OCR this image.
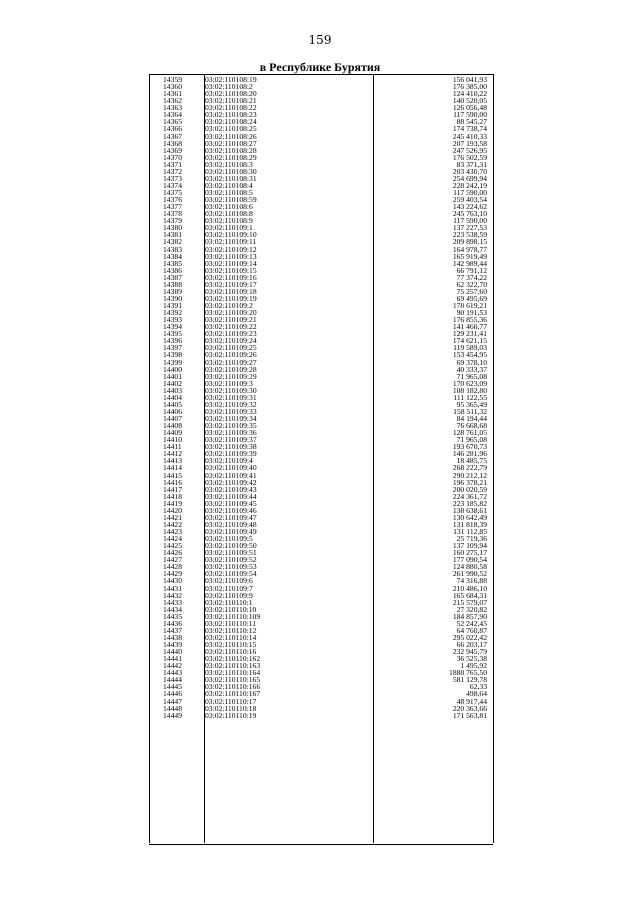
159
в Республике Бурятия
14359	03:02:110108:19	156 041,93
14360	03:02:110108:2	176 385,00
14361	03:02:110108:20	124 410,22
14362	03:02:110108:21	140 520,05
14363	03:02:110108:22	126 056,48
14364	03:02:110108:23	117 590,00
14365	03:02:110108:24	88 545,27
14366	03:02:110108:25	174 738,74
14367	03:02:110108:26	245 410,33
14368	03:02:110108:27	207 193,58
14369	03:02:110108:28	247 526,95
14370	03:02:110108:29	176 502,59
14371	03:02:110108:3	83 371,31
14372	03:02:110108:30	203 430,70
14373	03:02:110108:31	254 699,94
14374	03:02:110108:4	228 242,19
14375	03:02:110108:5	117 590,00
14376	03:02:110108:59	259 403,54
14377	03:02:110108:6	143 224,62
14378	03:02:110108:8	245 763,10
14379	03:02:110108:9	117 590,00
14380	03:02:110109:1	137 227,53
14381	03:02:110109:10	223 538,59
14382	03:02:110109:11	209 898,15
14383	03:02:110109:12	164 978,77
14384	03:02:110109:13	165 919,49
14385	03:02:110109:14	142 989,44
14386	03:02:110109:15	66 791,12
14387	03:02:110109:16	77 374,22
14388	03:02:110109:17	62 322,70
14389	03:02:110109:18	75 257,60
14390	03:02:110109:19	69 495,69
14391	03:02:110109:2	178 619,21
14392	03:02:110109:20	90 191,53
14393	03:02:110109:21	176 855,36
14394	03:02:110109:22	141 460,77
14395	03:02:110109:23	129 231,41
14396	03:02:110109:24	174 621,15
14397	03:02:110109:25	119 589,03
14398	03:02:110109:26	153 454,95
14399	03:02:110109:27	69 378,10
14400	03:02:110109:28	40 333,37
14401	03:02:110109:29	71 965,08
14402	03:02:110109:3	170 623,09
14403	03:02:110109:30	108 182,80
14404	03:02:110109:31	111 122,55
14405	03:02:110109:32	95 365,49
14406	03:02:110109:33	158 511,32
14407	03:02:110109:34	84 194,44
14408	03:02:110109:35	76 668,68
14409	03:02:110109:36	128 761,05
14410	03:02:110109:37	71 965,08
14411	03:02:110109:38	193 670,73
14412	03:02:110109:39	146 281,96
14413	03:02:110109:4	18 485,75
14414	03:02:110109:40	268 222,79
14415	03:02:110109:41	290 212,12
14416	03:02:110109:42	196 378,21
14417	03:02:110109:43	200 020,59
14418	03:02:110109:44	224 361,72
14419	03:02:110109:45	223 185,82
14420	03:02:110109:46	138 638,61
14421	03:02:110109:47	130 642,49
14422	03:02:110109:48	131 818,39
14423	03:02:110109:49	131 112,85
14424	03:02:110109:5	25 719,36
14425	03:02:110109:50	137 109,94
14426	03:02:110109:51	160 275,17
14427	03:02:110109:52	177 090,54
14428	03:02:110109:53	124 880,58
14429	03:02:110109:54	261 990,52
14430	03:02:110109:6	74 316,88
14431	03:02:110109:7	210 486,10
14432	03:02:110109:9	165 684,31
14433	03:02:110110:1	215 579,07
14434	03:02:110110:10	27 320,82
14435	03:02:110110:109	184 857,90
14436	03:02:110110:11	52 242,45
14437	03:02:110110:12	64 760,87
14438	03:02:110110:14	295 022,42
14439	03:02:110110:15	66 203,17
14440	03:02:110110:16	232 945,79
14441	03:02:110110:162	36 525,38
14442	03:02:110110:163	1 495,92
14443	03:02:110110:164	1888 765,50
14444	03:02:110110:165	581 129,78
14445	03:02:110110:166	62,33
14446	03:02:110110:167	498,64
14447	03:02:110110:17	48 917,44
14448	03:02:110110:18	220 363,66
14449	03:02:110110:19	171 563,81
